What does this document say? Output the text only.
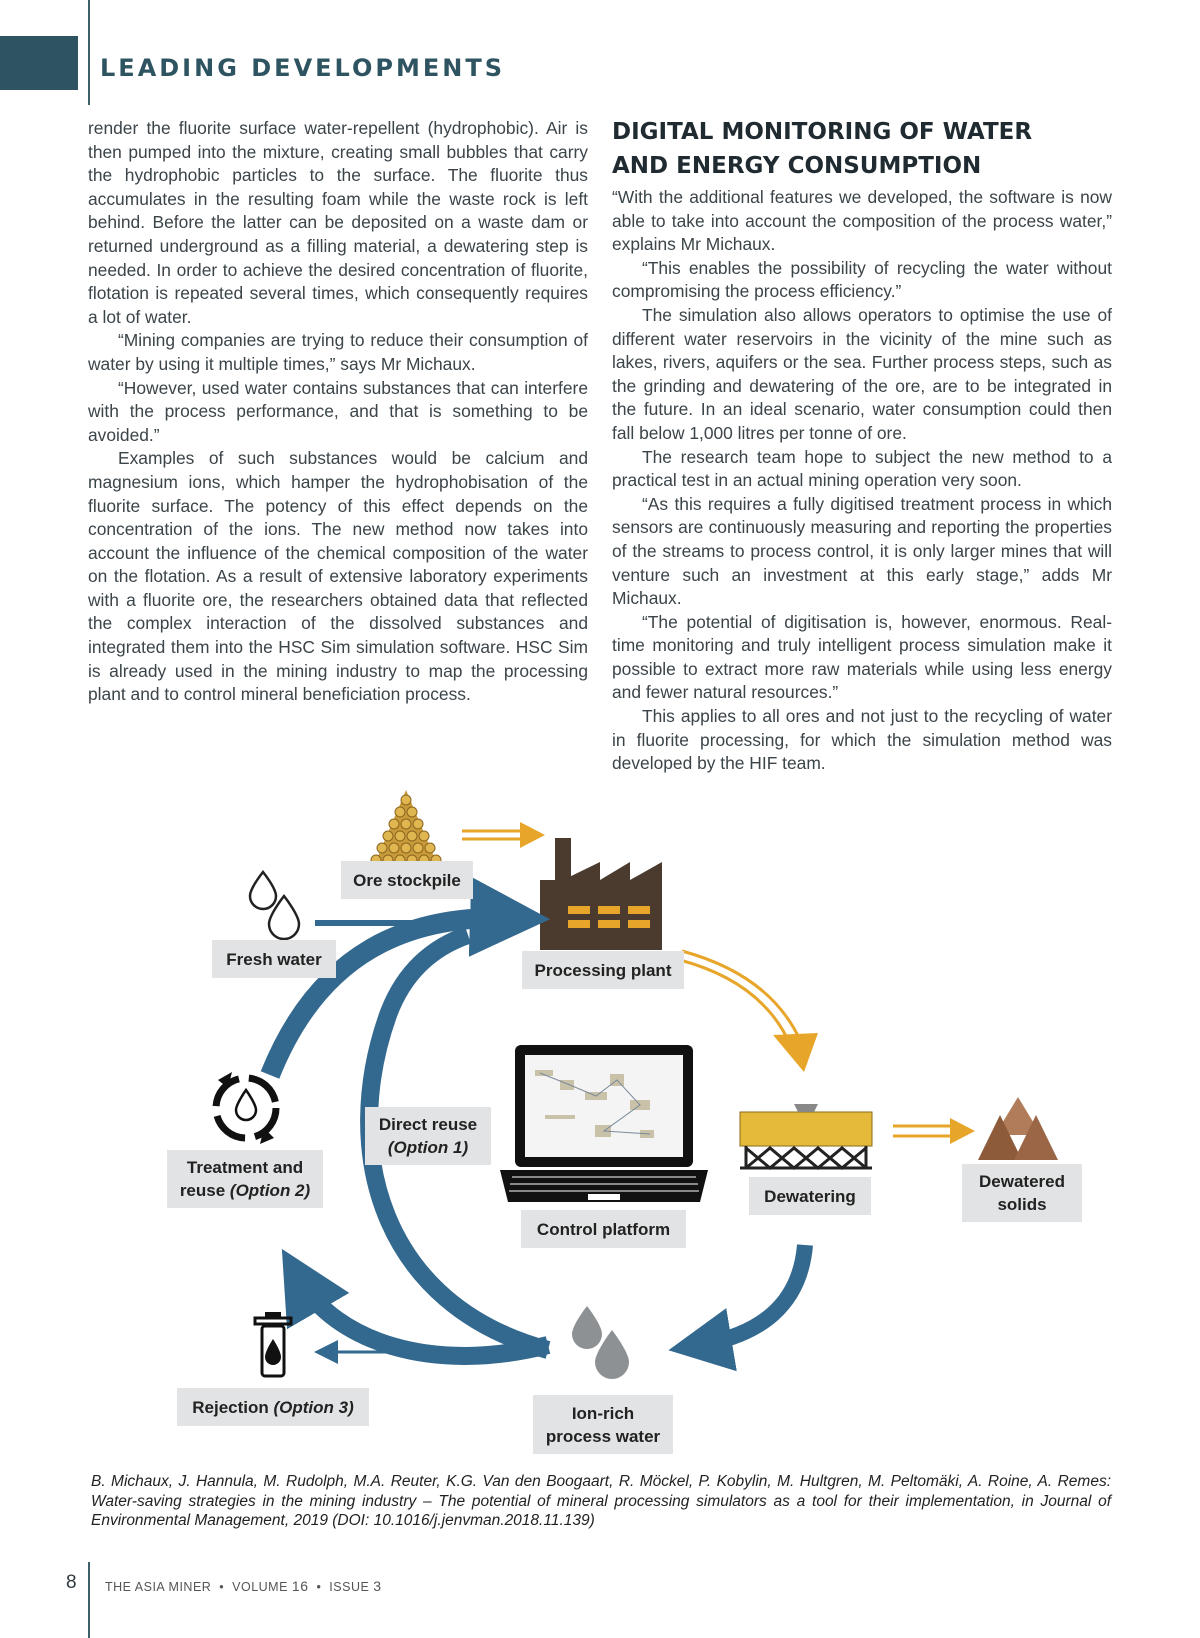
LEADING DEVELOPMENTS

render the fluorite surface water-repellent (hydrophobic). Air is then pumped into the mixture, creating small bubbles that carry the hydrophobic particles to the surface. The fluorite thus accumulates in the resulting foam while the waste rock is left behind. Before the latter can be deposited on a waste dam or returned underground as a filling material, a dewatering step is needed. In order to achieve the desired concentration of fluorite, flotation is repeated several times, which consequently requires a lot of water.

“Mining companies are trying to reduce their consumption of water by using it multiple times,” says Mr Michaux.

“However, used water contains substances that can interfere with the process performance, and that is something to be avoided.”

Examples of such substances would be calcium and magnesium ions, which hamper the hydrophobisation of the fluorite surface. The potency of this effect depends on the concentration of the ions. The new method now takes into account the influence of the chemical composition of the water on the flotation. As a result of extensive laboratory experiments with a fluorite ore, the researchers obtained data that reflected the complex interaction of the dissolved substances and integrated them into the HSC Sim simulation software. HSC Sim is already used in the mining industry to map the processing plant and to control mineral beneficiation process.

DIGITAL MONITORING OF WATER
AND ENERGY CONSUMPTION

“With the additional features we developed, the software is now able to take into account the composition of the process water,” explains Mr Michaux.

“This enables the possibility of recycling the water without compromising the process efficiency.”

The simulation also allows operators to optimise the use of different water reservoirs in the vicinity of the mine such as lakes, rivers, aquifers or the sea. Further process steps, such as the grinding and dewatering of the ore, are to be integrated in the future. In an ideal scenario, water consumption could then fall below 1,000 litres per tonne of ore.

The research team hope to subject the new method to a practical test in an actual mining operation very soon.

“As this requires a fully digitised treatment process in which sensors are continuously measuring and reporting the properties of the streams to process control, it is only larger mines that will venture such an investment at this early stage,” adds Mr Michaux.

“The potential of digitisation is, however, enormous. Real-time monitoring and truly intelligent process simulation make it possible to extract more raw materials while using less energy and fewer natural resources.”

This applies to all ores and not just to the recycling of water in fluorite processing, for which the simulation method was developed by the HIF team.

Ore stockpile
Fresh water
Processing plant
Treatment and
reuse (Option 2)
Direct reuse
(Option 1)
Control platform
Dewatering
Dewatered
solids
Rejection (Option 3)	Ion-rich
process water
B. Michaux, J. Hannula, M. Rudolph, M.A. Reuter, K.G. Van den Boogaart, R. Möckel, P. Kobylin, M. Hultgren, M. Peltomäki, A. Roine, A. Remes: Water-saving strategies in the mining industry – The potential of mineral processing simulators as a tool for their implementation, in Journal of Environmental Management, 2019 (DOI: 10.1016/j.jenvman.2018.11.139)
8 THE ASIA MINER • VOLUME 16 • ISSUE 3
